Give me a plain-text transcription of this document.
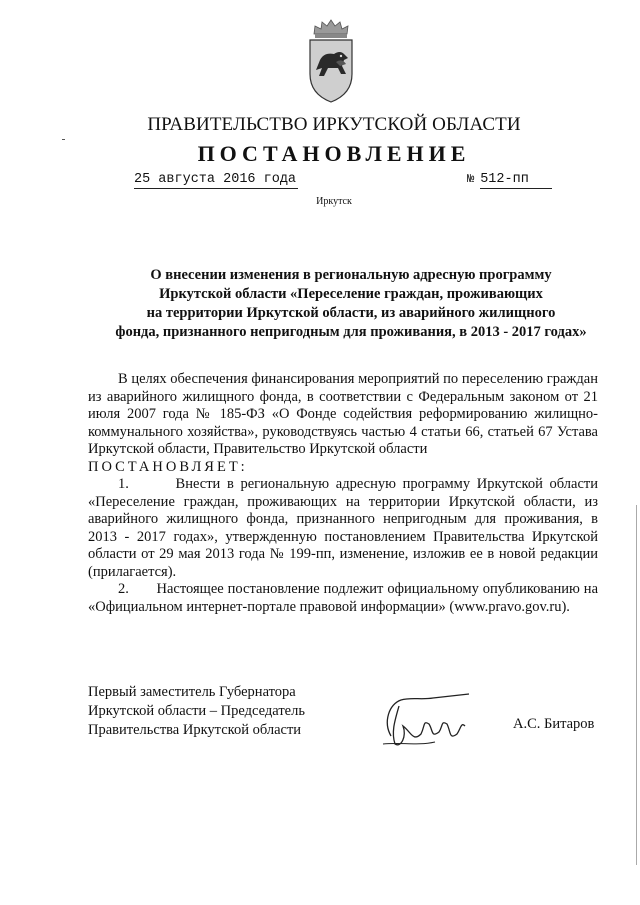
ПРАВИТЕЛЬСТВО ИРКУТСКОЙ ОБЛАСТИ
ПОСТАНОВЛЕНИЕ
25 августа 2016 года	№ 512-пп
Иркутск
О внесении изменения в региональную адресную программу
Иркутской области «Переселение граждан, проживающих
на территории Иркутской области, из аварийного жилищного
фонда, признанного непригодным для проживания, в 2013 - 2017 годах»

В целях обеспечения финансирования мероприятий по переселению граждан из аварийного жилищного фонда, в соответствии с Федеральным законом от 21 июля 2007 года № 185-ФЗ «О Фонде содействия реформированию жилищно-коммунального хозяйства», руководствуясь частью 4 статьи 66, статьей 67 Устава Иркутской области, Правительство Иркутской области

ПОСТАНОВЛЯЕТ:

1.	Внести в региональную адресную программу Иркутской области «Переселение граждан, проживающих на территории Иркутской области, из аварийного жилищного фонда, признанного непригодным для проживания, в 2013 - 2017 годах», утвержденную постановлением Правительства Иркутской области от 29 мая 2013 года № 199-пп, изменение, изложив ее в новой редакции (прилагается).

2. Настоящее постановление подлежит официальному опубликованию на «Официальном интернет-портале правовой информации» (www.pravo.gov.ru).

Первый заместитель Губернатора
Иркутской области – Председатель
Правительства Иркутской области	А.С. Битаров
